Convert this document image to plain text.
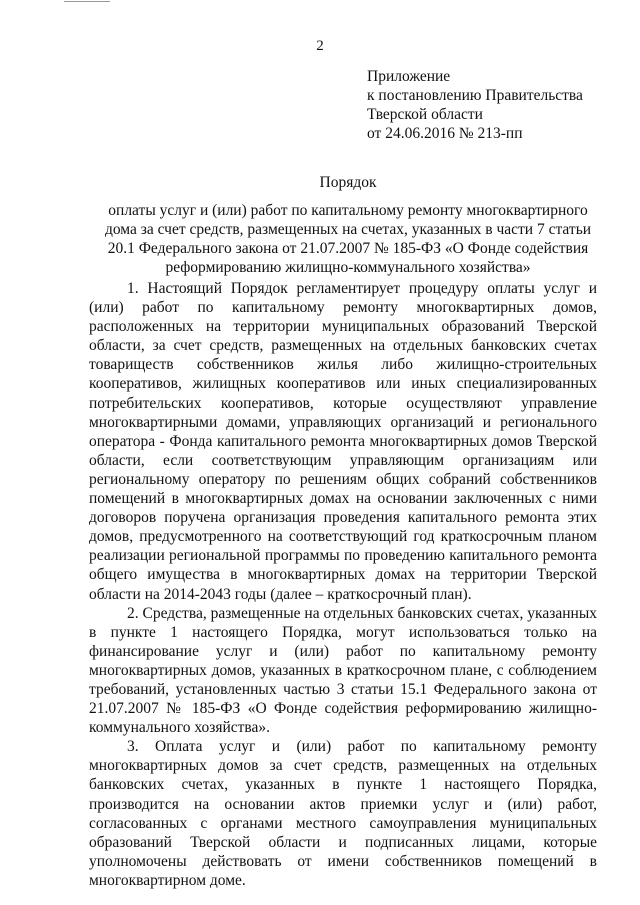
2
Приложение
к постановлению Правительства
Тверской области
от 24.06.2016 № 213-пп
Порядок
оплаты услуг и (или) работ по капитальному ремонту многоквартирного
дома за счет средств, размещенных на счетах, указанных в части 7 статьи
20.1 Федерального закона от 21.07.2007 № 185-ФЗ «О Фонде содействия
реформированию жилищно-коммунального хозяйства»

1. Настоящий Порядок регламентирует процедуру оплаты услуг и (или) работ по капитальному ремонту многоквартирных домов, расположенных на территории муниципальных образований Тверской области, за счет средств, размещенных на отдельных банковских счетах товариществ собственников жилья либо жилищно-строительных кооперативов, жилищных кооперативов или иных специализированных потребительских кооперативов, которые осуществляют управление многоквартирными домами, управляющих организаций и регионального оператора - Фонда капитального ремонта многоквартирных домов Тверской области, если соответствующим управляющим организациям или региональному оператору по решениям общих собраний собственников помещений в многоквартирных домах на основании заключенных с ними договоров поручена организация проведения капитального ремонта этих домов, предусмотренного на соответствующий год краткосрочным планом реализации региональной программы по проведению капитального ремонта общего имущества в многоквартирных домах на территории Тверской области на 2014-2043 годы (далее – краткосрочный план).

2. Средства, размещенные на отдельных банковских счетах, указанных в пункте 1 настоящего Порядка, могут использоваться только на финансирование услуг и (или) работ по капитальному ремонту многоквартирных домов, указанных в краткосрочном плане, с соблюдением требований, установленных частью 3 статьи 15.1 Федерального закона от 21.07.2007 № 185-ФЗ «О Фонде содействия реформированию жилищно-коммунального хозяйства».

3. Оплата услуг и (или) работ по капитальному ремонту многоквартирных домов за счет средств, размещенных на отдельных банковских счетах, указанных в пункте 1 настоящего Порядка, производится на основании актов приемки услуг и (или) работ, согласованных с органами местного самоуправления муниципальных образований Тверской области и подписанных лицами, которые уполномочены действовать от имени собственников помещений в многоквартирном доме.
